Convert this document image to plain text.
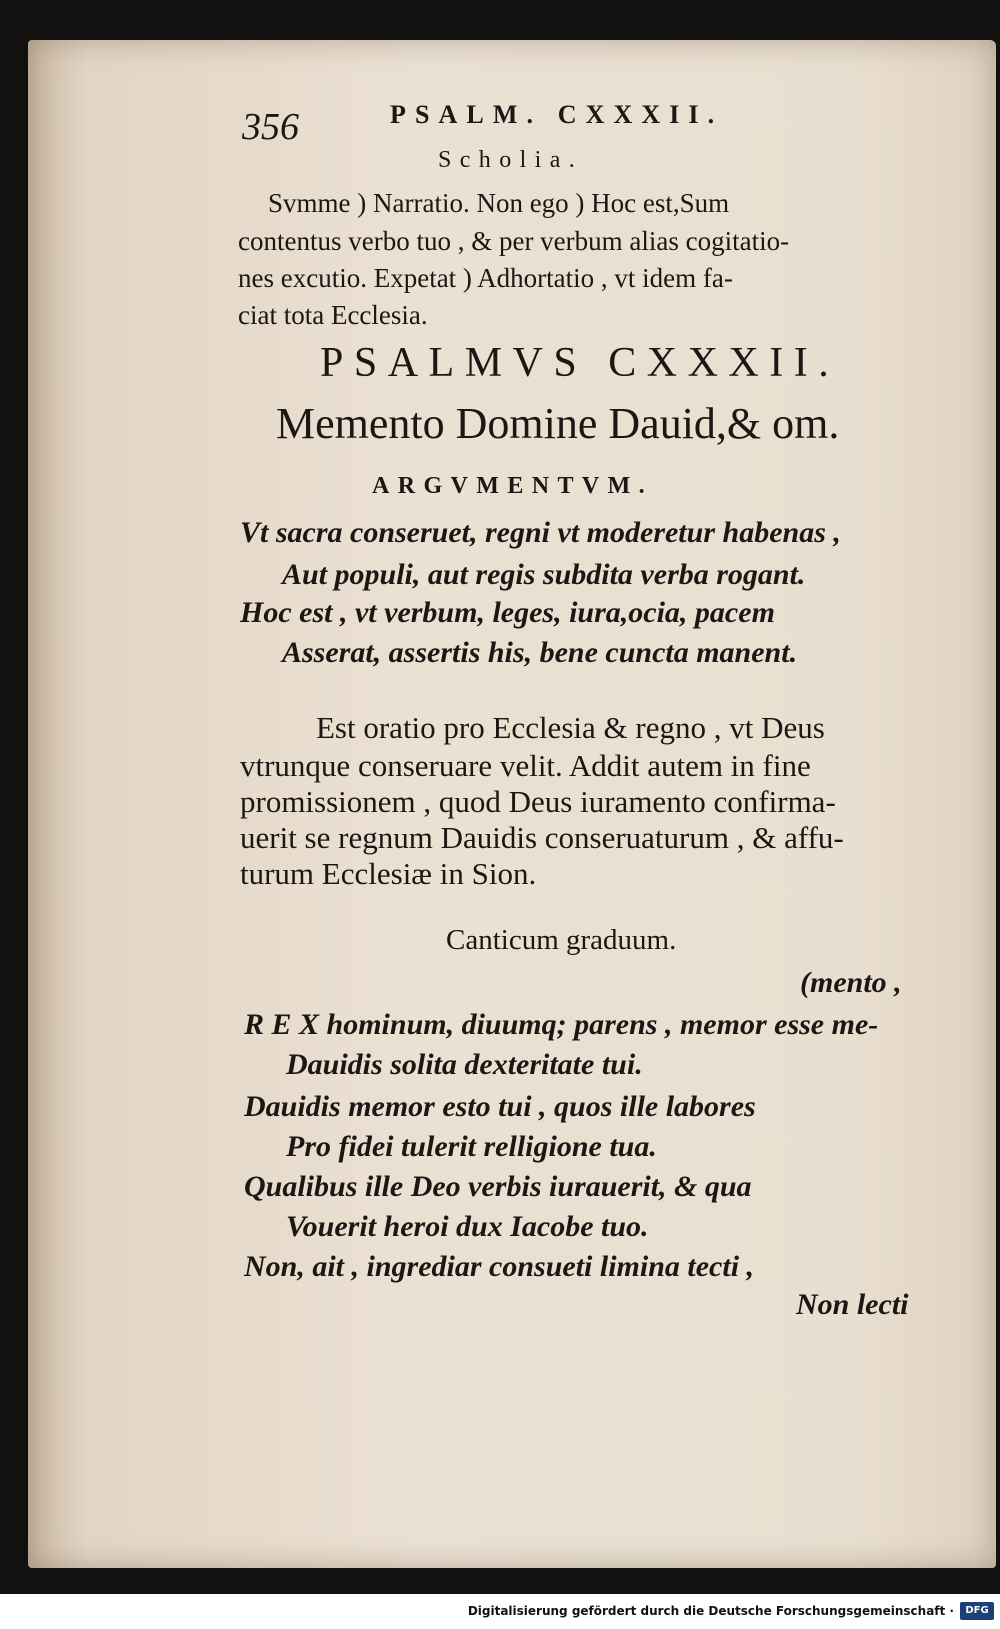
356	PSALM. CXXXII.
Scholia.
Svmme ) Narratio. Non ego ) Hoc est,Sum
contentus verbo tuo , & per verbum alias cogitatio-
nes excutio. Expetat ) Adhortatio , vt idem fa-
ciat tota Ecclesia.
PSALMVS CXXXII.
Memento Domine Dauid,& om.
ARGVMENTVM.
Vt sacra conseruet, regni vt moderetur habenas ,
Aut populi, aut regis subdita verba rogant.
Hoc est , vt verbum, leges, iura,ocia, pacem
Asserat, assertis his, bene cuncta manent.
Est oratio pro Ecclesia & regno , vt Deus
vtrunque conseruare velit. Addit autem in fine
promissionem , quod Deus iuramento confirma-
uerit se regnum Dauidis conseruaturum , & affu-
turum Ecclesiæ in Sion.
Canticum graduum.
(mento ,
R E X hominum, diuumq; parens , memor esse me-
Dauidis solita dexteritate tui.
Dauidis memor esto tui , quos ille labores
Pro fidei tulerit relligione tua.
Qualibus ille Deo verbis iurauerit, & qua
Vouerit heroi dux Iacobe tuo.
Non, ait , ingrediar consueti limina tecti ,
Non lecti
Digitalisierung gefördert durch die Deutsche Forschungsgemeinschaft ·	DFG
